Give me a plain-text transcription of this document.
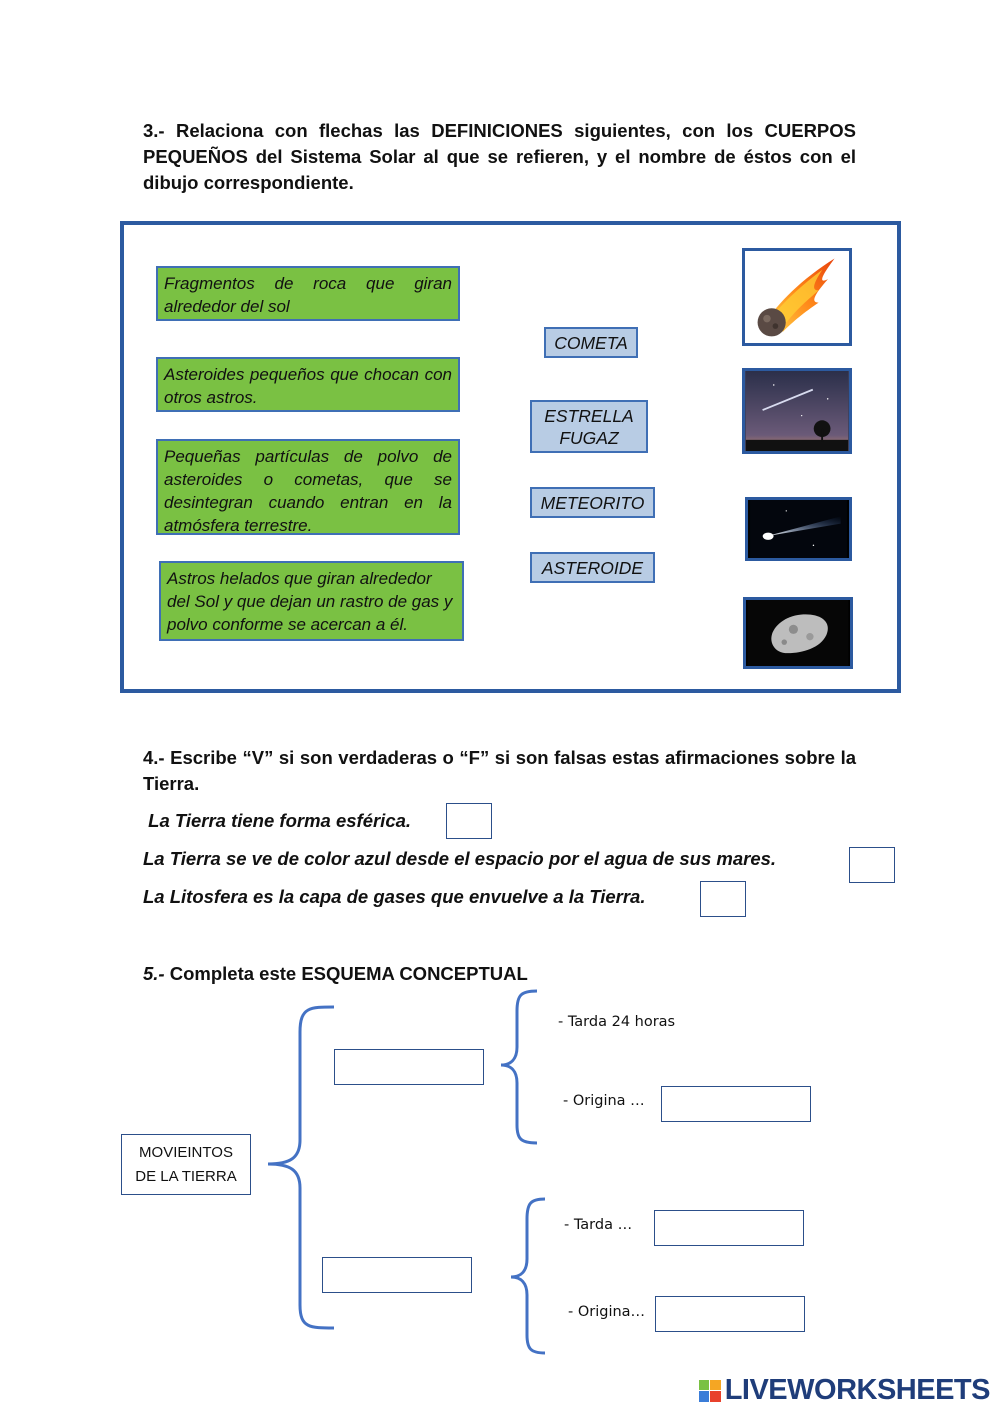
3.- Relaciona con flechas las DEFINICIONES siguientes, con los CUERPOS PEQUEÑOS del Sistema Solar al que se refieren, y el nombre de éstos con el dibujo correspondiente.
Fragmentos de roca que giran alrededor del sol
Asteroides pequeños que chocan con otros astros.
Pequeñas partículas de polvo de asteroides o cometas, que se desintegran cuando entran en la atmósfera terrestre.
Astros helados que giran alrededor del Sol y que dejan un rastro de gas y polvo conforme se acercan a él.
COMETA
ESTRELLA FUGAZ
METEORITO
ASTEROIDE
4.- Escribe “V” si son verdaderas o “F” si son falsas estas afirmaciones sobre la Tierra.
La Tierra tiene forma esférica.
La Tierra se ve de color azul desde el espacio por el agua de sus mares.
La Litosfera es la capa de gases que envuelve a la Tierra.
5.- Completa este ESQUEMA CONCEPTUAL
MOVIEINTOS DE LA TIERRA
- Tarda 24 horas
- Origina …
- Tarda …
- Origina…
LIVEWORKSHEETS
